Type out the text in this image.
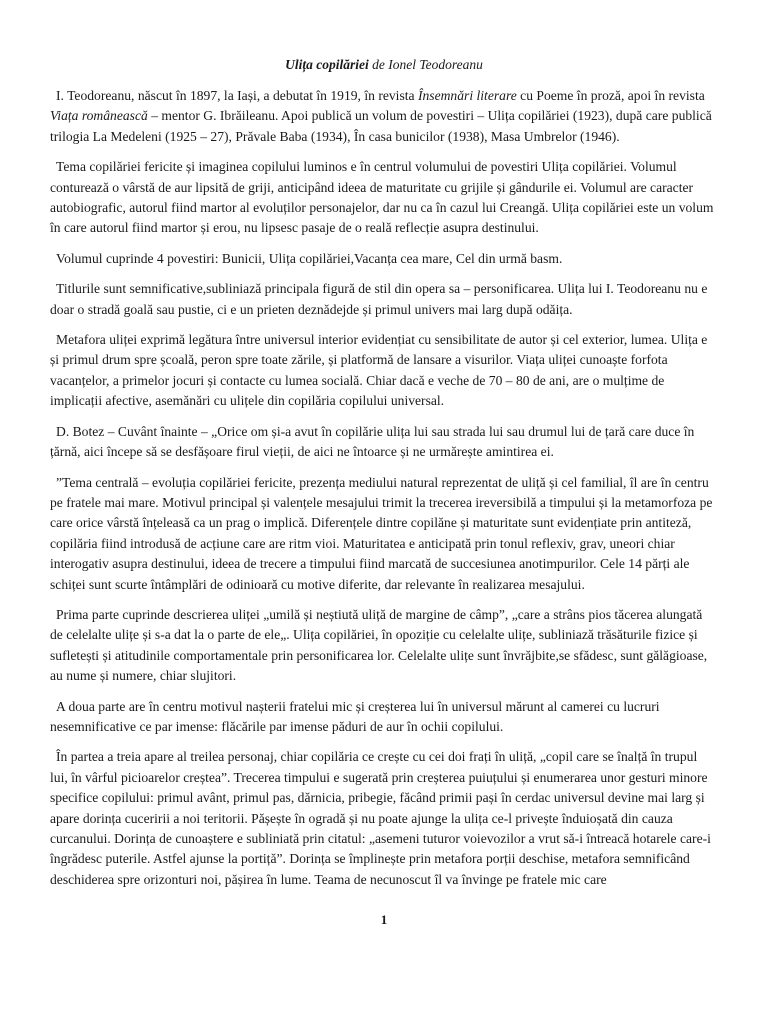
Ulița copilăriei de Ionel Teodoreanu

I. Teodoreanu, născut în 1897, la Iași, a debutat în 1919, în revista Însemnări literare cu Poeme în proză, apoi în revista Viața românească – mentor G. Ibrăileanu. Apoi publică un volum de povestiri – Ulița copilăriei (1923), după care publică trilogia La Medeleni (1925 – 27), Prăvale Baba (1934), În casa bunicilor (1938), Masa Umbrelor (1946).

Tema copilăriei fericite și imaginea copilului luminos e în centrul volumului de povestiri Ulița copilăriei. Volumul conturează o vârstă de aur lipsită de griji, anticipând ideea de maturitate cu grijile și gândurile ei. Volumul are caracter autobiografic, autorul fiind martor al evoluților personajelor, dar nu ca în cazul lui Creangă. Ulița copilăriei este un volum în care autorul fiind martor și erou, nu lipsesc pasaje de o reală reflecție asupra destinului.

Volumul cuprinde 4 povestiri: Bunicii, Ulița copilăriei,Vacanța cea mare, Cel din urmă basm.

Titlurile sunt semnificative,subliniază principala figură de stil din opera sa – personificarea. Ulița lui I. Teodoreanu nu e doar o stradă goală sau pustie, ci e un prieten deznădejde și primul univers mai larg după odăița.

Metafora uliței exprimă legătura între universul interior evidențiat cu sensibilitate de autor și cel exterior, lumea. Ulița e și primul drum spre școală, peron spre toate zările, și platformă de lansare a visurilor. Viața uliței cunoaște forfota vacanțelor, a primelor jocuri și contacte cu lumea socială. Chiar dacă e veche de 70 – 80 de ani, are o mulțime de implicații afective, asemănări cu ulițele din copilăria copilului universal.

D. Botez – Cuvânt înainte – „Orice om și-a avut în copilărie ulița lui sau strada lui sau drumul lui de țară care duce în țărnă, aici începe să se desfășoare firul vieții, de aici ne întoarce și ne urmărește amintirea ei.

”Tema centrală – evoluția copilăriei fericite, prezența mediului natural reprezentat de uliță și cel familial, îl are în centru pe fratele mai mare. Motivul principal și valențele mesajului trimit la trecerea ireversibilă a timpului și la metamorfoza pe care orice vârstă înțeleasă ca un prag o implică. Diferențele dintre copilăne și maturitate sunt evidențiate prin antiteză, copilăria fiind introdusă de acțiune care are ritm vioi. Maturitatea e anticipată prin tonul reflexiv, grav, uneori chiar interogativ asupra destinului, ideea de trecere a timpului fiind marcată de succesiunea anotimpurilor. Cele 14 părți ale schiței sunt scurte întâmplări de odinioară cu motive diferite, dar relevante în realizarea mesajului.

Prima parte cuprinde descrierea uliței „umilă și neștiută uliță de margine de câmp”, „care a strâns pios tăcerea alungată de celelalte ulițe și s-a dat la o parte de ele„. Ulița copilăriei, în opoziție cu celelalte ulițe, subliniază trăsăturile fizice și sufletești și atitudinile comportamentale prin personificarea lor. Celelalte ulițe sunt învrăjbite,se sfădesc, sunt gălăgioase, au nume și numere, chiar slujitori.

A doua parte are în centru motivul nașterii fratelui mic și creșterea lui în universul mărunt al camerei cu lucruri nesemnificative ce par imense: flăcările par imense păduri de aur în ochii copilului.

În partea a treia apare al treilea personaj, chiar copilăria ce crește cu cei doi frați în uliță, „copil care se înalță în trupul lui, în vârful picioarelor creștea”. Trecerea timpului e sugerată prin creșterea puiuțului și enumerarea unor gesturi minore specifice copilului: primul avânt, primul pas, dărnicia, pribegie, făcând primii pași în cerdac universul devine mai larg și apare dorința cuceririi a noi teritorii. Pășește în ogradă și nu poate ajunge la ulița ce-l privește înduioșată din cauza curcanului. Dorința de cunoaștere e subliniată prin citatul: „asemeni tuturor voievozilor a vrut să-i întreacă hotarele care-i îngrădesc puterile. Astfel ajunse la portiță”. Dorința se împlinește prin metafora porții deschise, metafora semnificând deschiderea spre orizonturi noi, pășirea în lume. Teama de necunoscut îl va învinge pe fratele mic care

1
